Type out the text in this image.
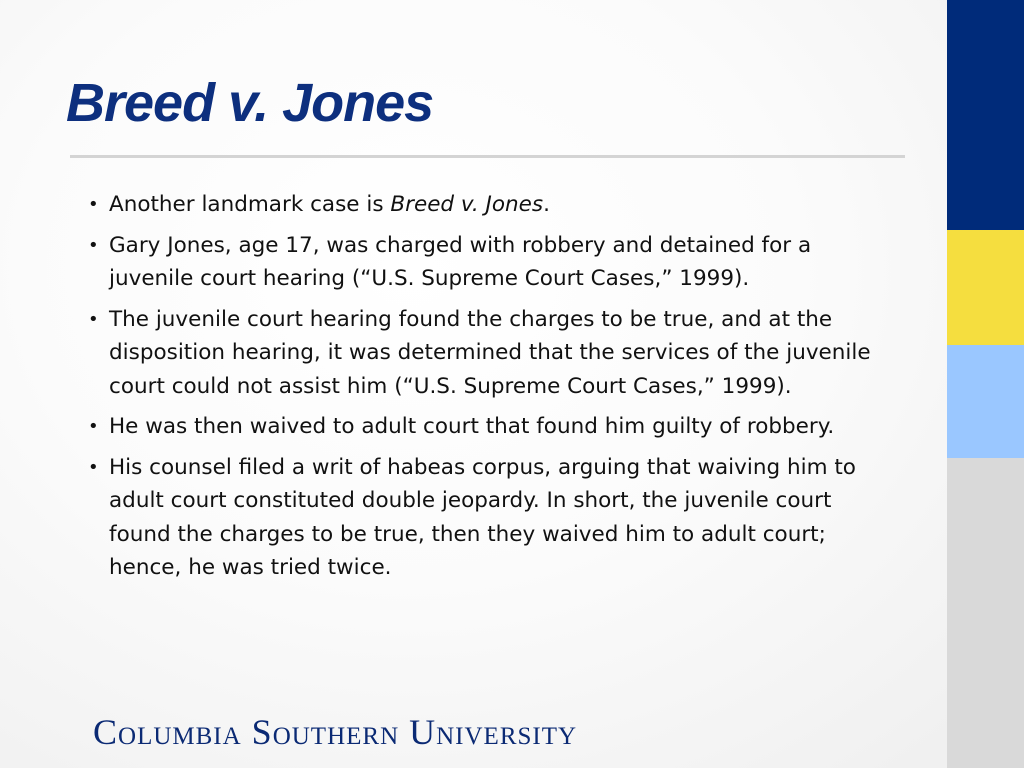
Breed v. Jones
• Another landmark case is Breed v. Jones.
• Gary Jones, age 17, was charged with robbery and detained for a juvenile court hearing (“U.S. Supreme Court Cases,” 1999).
• The juvenile court hearing found the charges to be true, and at the disposition hearing, it was determined that the services of the juvenile court could not assist him (“U.S. Supreme Court Cases,” 1999).
• He was then waived to adult court that found him guilty of robbery.
• His counsel filed a writ of habeas corpus, arguing that waiving him to adult court constituted double jeopardy. In short, the juvenile court found the charges to be true, then they waived him to adult court; hence, he was tried twice.
Columbia Southern University
